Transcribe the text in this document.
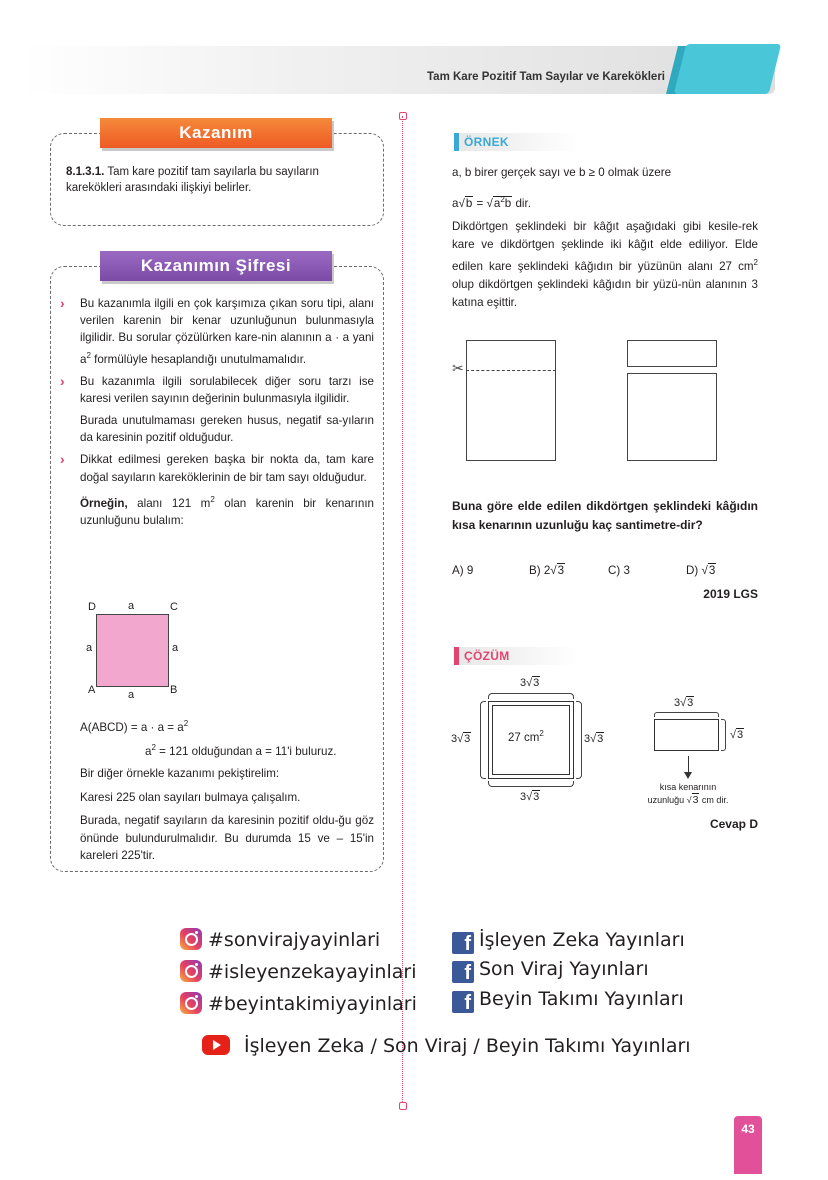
Tam Kare Pozitif Tam Sayılar ve Karekökleri
Kazanım
8.1.3.1. Tam kare pozitif tam sayılarla bu sayıların karekökleri arasındaki ilişkiyi belirler.
Kazanımın Şifresi
› Bu kazanımla ilgili en çok karşımıza çıkan soru tipi, alanı verilen karenin bir kenar uzunluğunun bulunmasıyla ilgilidir. Bu sorular çözülürken kare-nin alanının a · a yani $a^2$ formülüyle hesaplandığı unutulmamalıdır.
› Bu kazanımla ilgili sorulabilecek diğer soru tarzı ise karesi verilen sayının değerinin bulunmasıyla ilgilidir.
Burada unutulmaması gereken husus, negatif sa-yıların da karesinin pozitif olduğudur.
› Dikkat edilmesi gereken başka bir nokta da, tam kare doğal sayıların kareköklerinin de bir tam sayı olduğudur.
Örneğin, alanı 121 $m^2$ olan karenin bir kenarının uzunluğunu bulalım:
D	C
A	B
a
a	a
a
A(ABCD) = $a \cdot a = a^2$
$a^2 = 121$ olduğundan a = 11'i buluruz.

Bir diğer örnekle kazanımı pekiştirelim:

Karesi 225 olan sayıları bulmaya çalışalım.

Burada, negatif sayıların da karesinin pozitif oldu-ğu göz önünde bulundurulmalıdır. Bu durumda 15 ve – 15'in kareleri 225'tir.

ÖRNEK
a, b birer gerçek sayı ve b ≥ 0 olmak üzere
$a√b = √a^2b$ dir.
Dikdörtgen şeklindeki bir kâğıt aşağıdaki gibi kesile-rek kare ve dikdörtgen şeklinde iki kâğıt elde ediliyor. Elde edilen kare şeklindeki kâğıdın bir yüzünün alanı 27 $cm^2$ olup dikdörtgen şeklindeki kâğıdın bir yüzü-nün alanının 3 katına eşittir.
✂
Buna göre elde edilen dikdörtgen şeklindeki kâğıdın kısa kenarının uzunluğu kaç santimetre-dir?
A) 9	B) 2√3	C) 3	D) √3
2019 LGS
ÇÖZÜM
3√3
3√3	3√3
3√3
27 $cm^2$
3√3
√3
kısa kenarının
uzunluğu √3 cm dir.
Cevap D
#sonvirajyayinlari
#isleyenzekayayinlari
#beyintakimiyayinlari
f İşleyen Zeka Yayınları
f Son Viraj Yayınları
f Beyin Takımı Yayınları
İşleyen Zeka / Son Viraj / Beyin Takımı Yayınları
43
